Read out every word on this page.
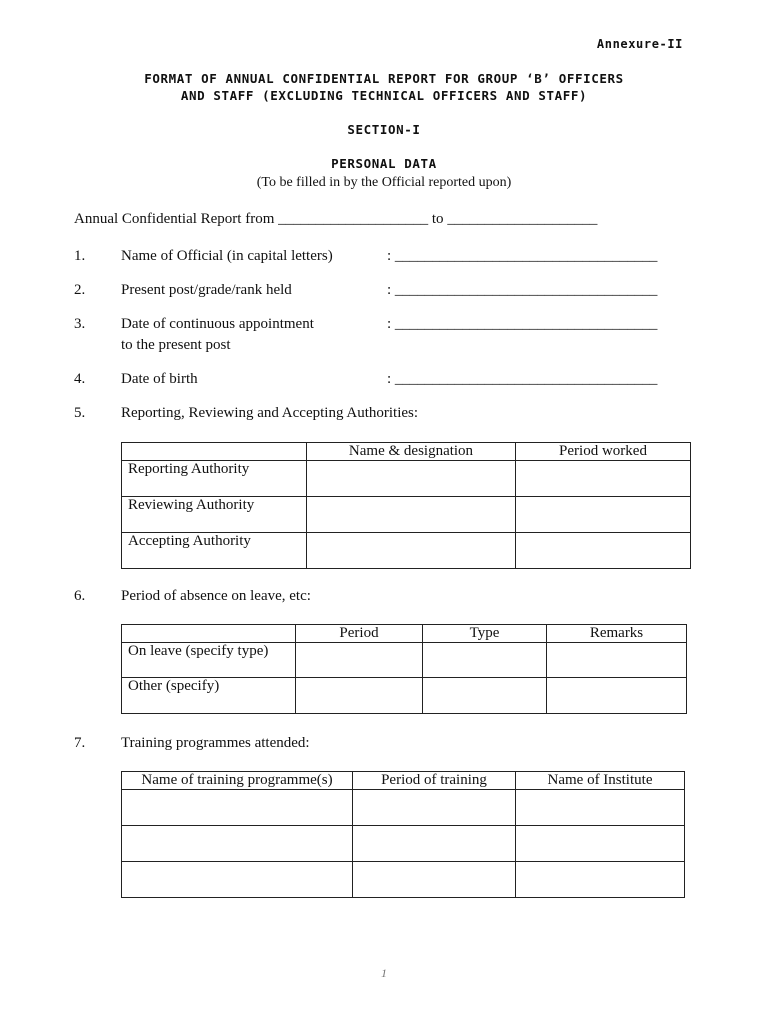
Annexure-II
FORMAT OF ANNUAL CONFIDENTIAL REPORT FOR GROUP ‘B’ OFFICERS
AND STAFF (EXCLUDING TECHNICAL OFFICERS AND STAFF)
SECTION-I
PERSONAL DATA
(To be filled in by the Official reported upon)
Annual Confidential Report from ____________________ to ____________________
1. Name of Official (in capital letters)	: ___________________________________
2. Present post/grade/rank held	: ___________________________________
3. Date of continuous appointment
to the present post
: ___________________________________
4. Date of birth	: ___________________________________
5. Reporting, Reviewing and Accepting Authorities:
	Name & designation	Period worked
Reporting Authority		
Reviewing Authority		
Accepting Authority		
6. Period of absence on leave, etc:
	Period	Type	Remarks
On leave (specify type)			
Other (specify)			
7. Training programmes attended:
Name of training programme(s)	Period of training	Name of Institute

1
